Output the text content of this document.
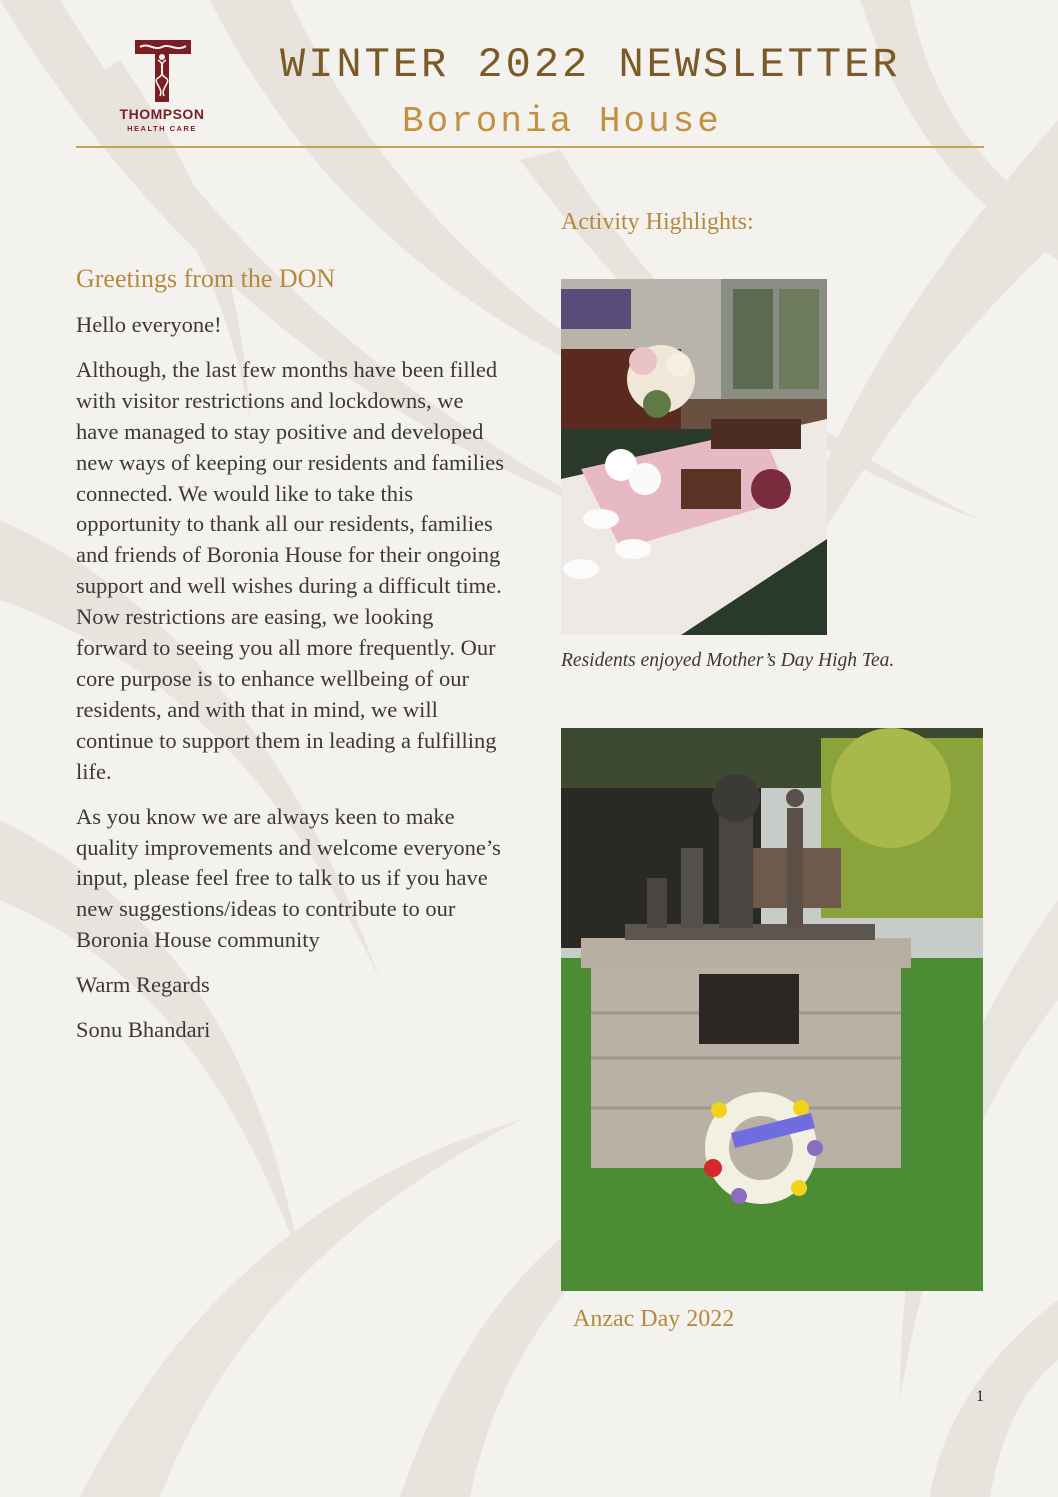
THOMPSON
HEALTH CARE
WINTER 2022 NEWSLETTER
Boronia House
Greetings from the DON

Hello everyone!

Although, the last few months have been filled with visitor restrictions and lockdowns, we have managed to stay positive and developed new ways of keeping our residents and families connected. We would like to take this opportunity to thank all our residents, families and friends of Boronia House for their ongoing support and well wishes during a difficult time. Now restrictions are easing, we looking forward to seeing you all more frequently. Our core purpose is to enhance wellbeing of our residents, and with that in mind, we will continue to support them in leading a fulfilling life.

As you know we are always keen to make quality improvements and welcome everyone’s input, please feel free to talk to us if you have new suggestions/ideas to contribute to our Boronia House community

Warm Regards

Sonu Bhandari

Activity Highlights:
Residents enjoyed Mother’s Day High Tea.
Anzac Day 2022
1
